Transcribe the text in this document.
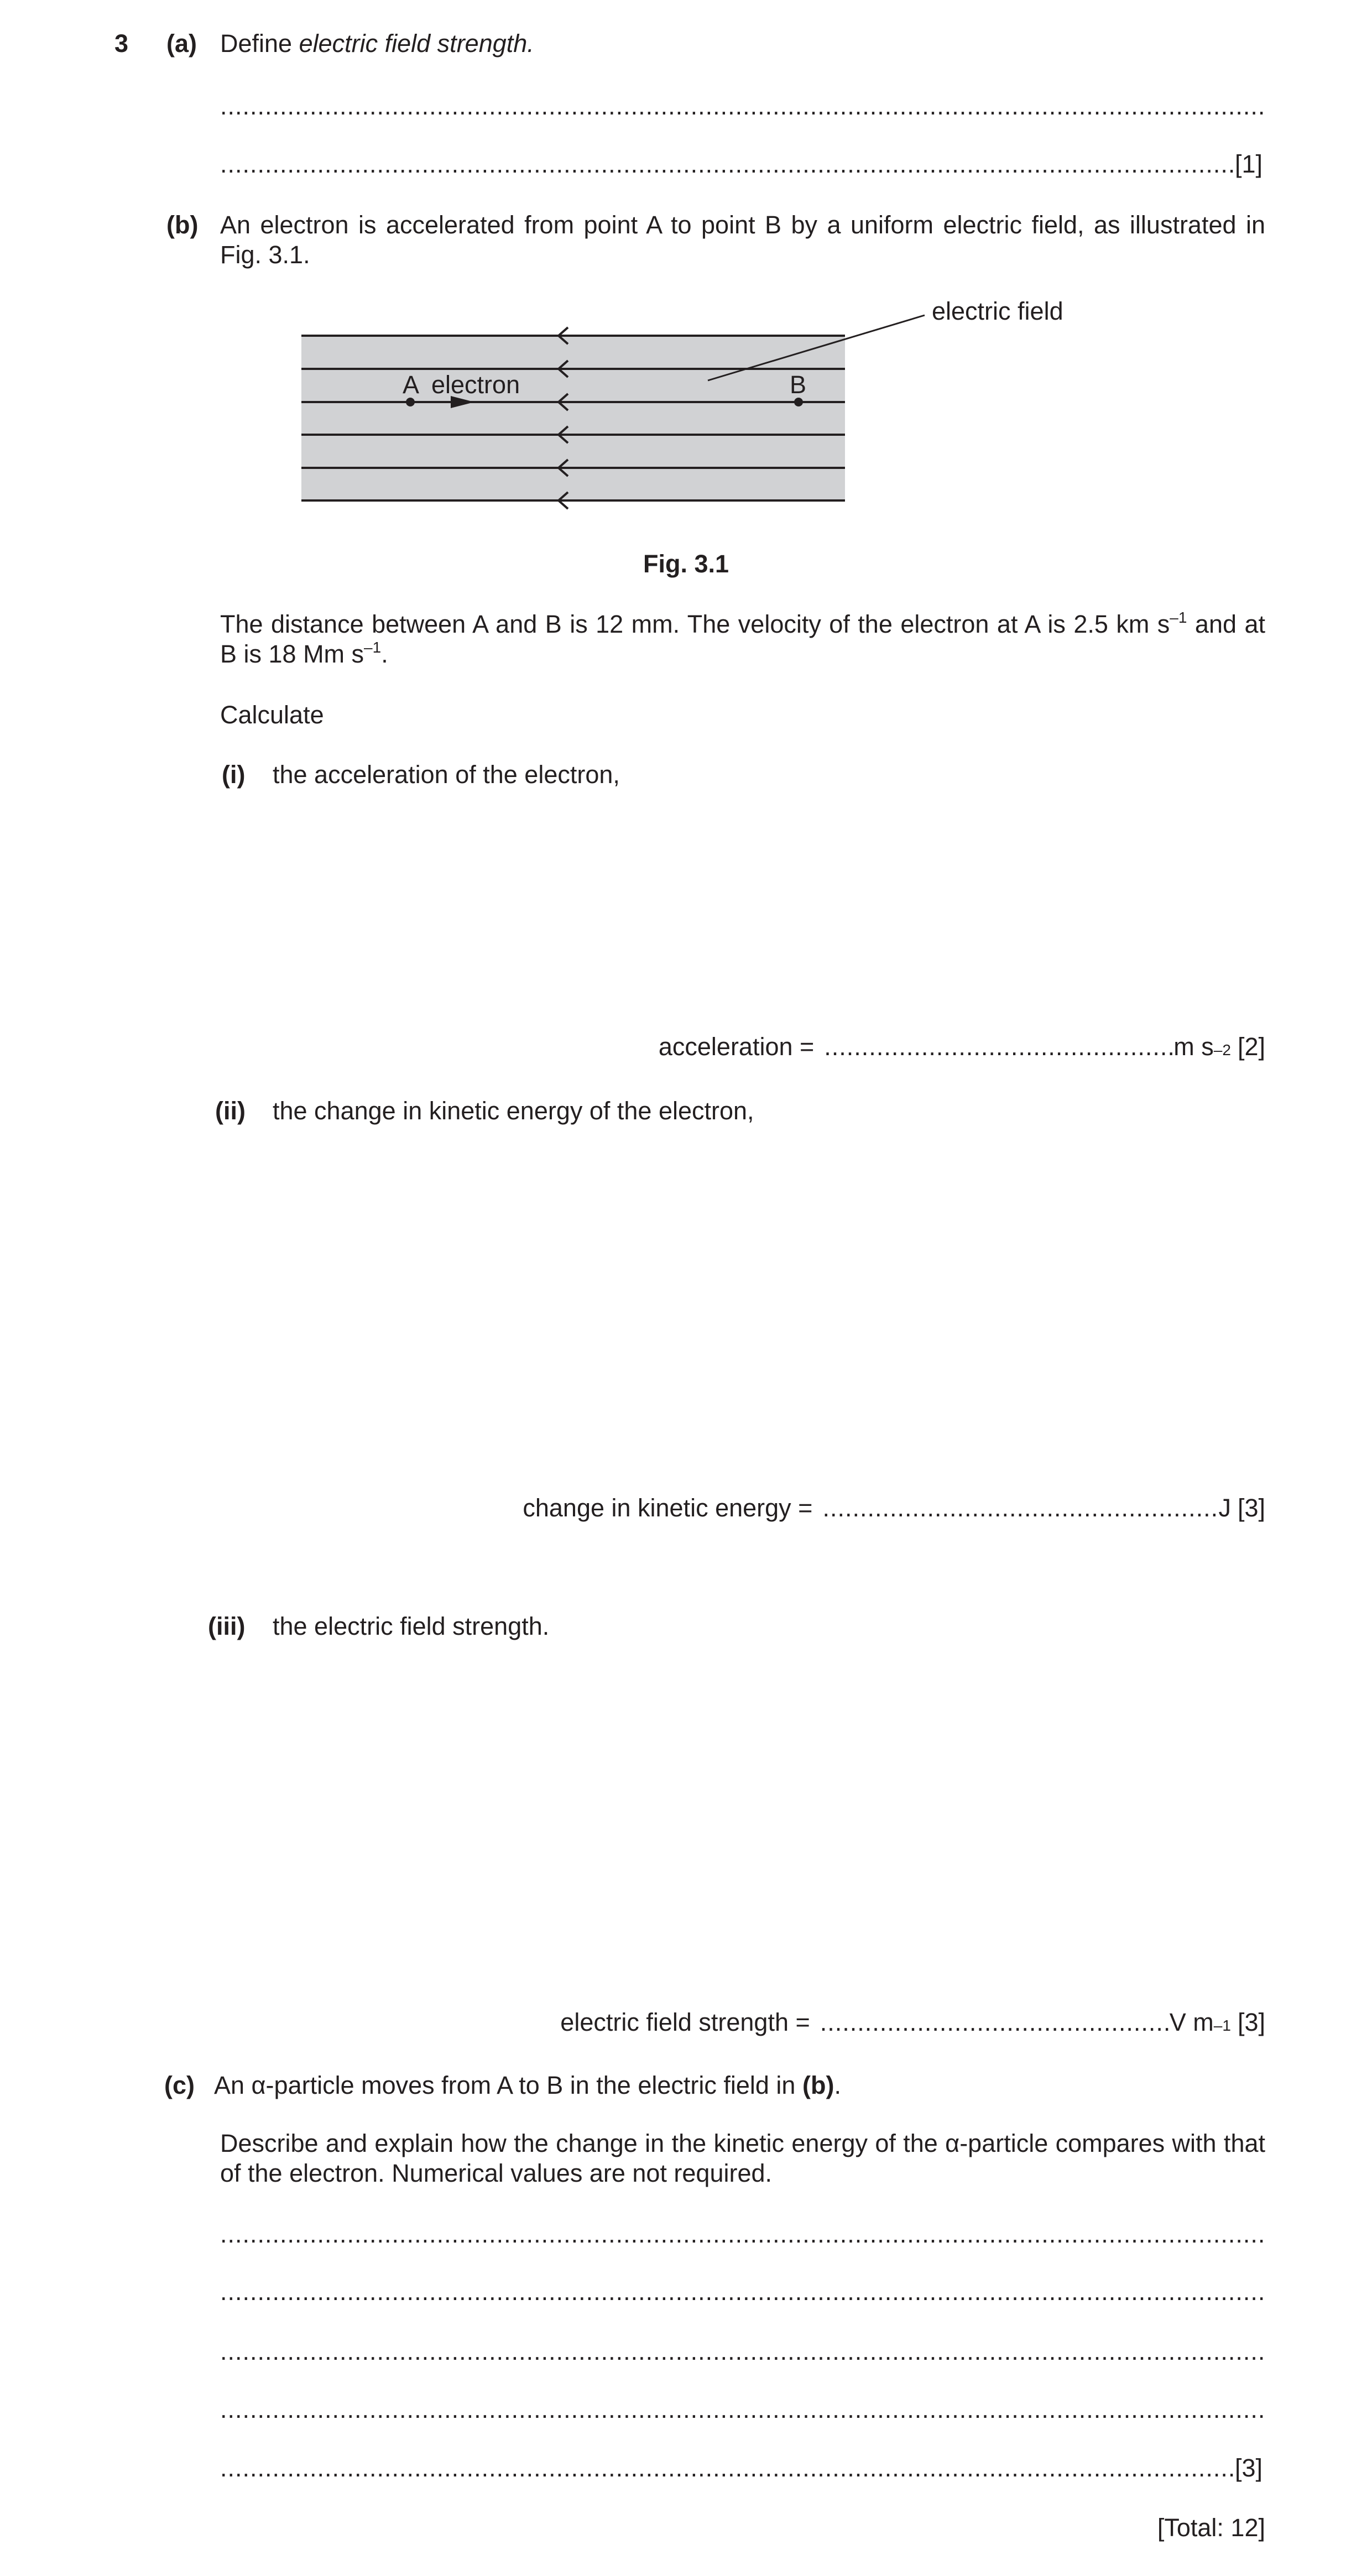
3 (a) Define electric field strength.
.....
.....
[1]
(b) An electron is accelerated from point A to point B by a uniform electric field, as illustrated in Fig. 3.1.
electric field
A electron	B
Fig. 3.1
The distance between A and B is 12 mm. The velocity of the electron at A is 2.5 km $s^{-1}$ and at B is 18 Mm $s^{-1}$.
Calculate
(i) the acceleration of the electron,
acceleration = .....	m s –2 [2]
(ii) the change in kinetic energy of the electron,
change in kinetic energy = .....	J [3]
(iii) the electric field strength.
electric field strength = .....	V m –1 [3]
(c) An α-particle moves from A to B in the electric field in (b).
Describe and explain how the change in the kinetic energy of the α-particle compares with that of the electron. Numerical values are not required.
.....
.....
.....
.....
.....
[3]
[Total: 12]
